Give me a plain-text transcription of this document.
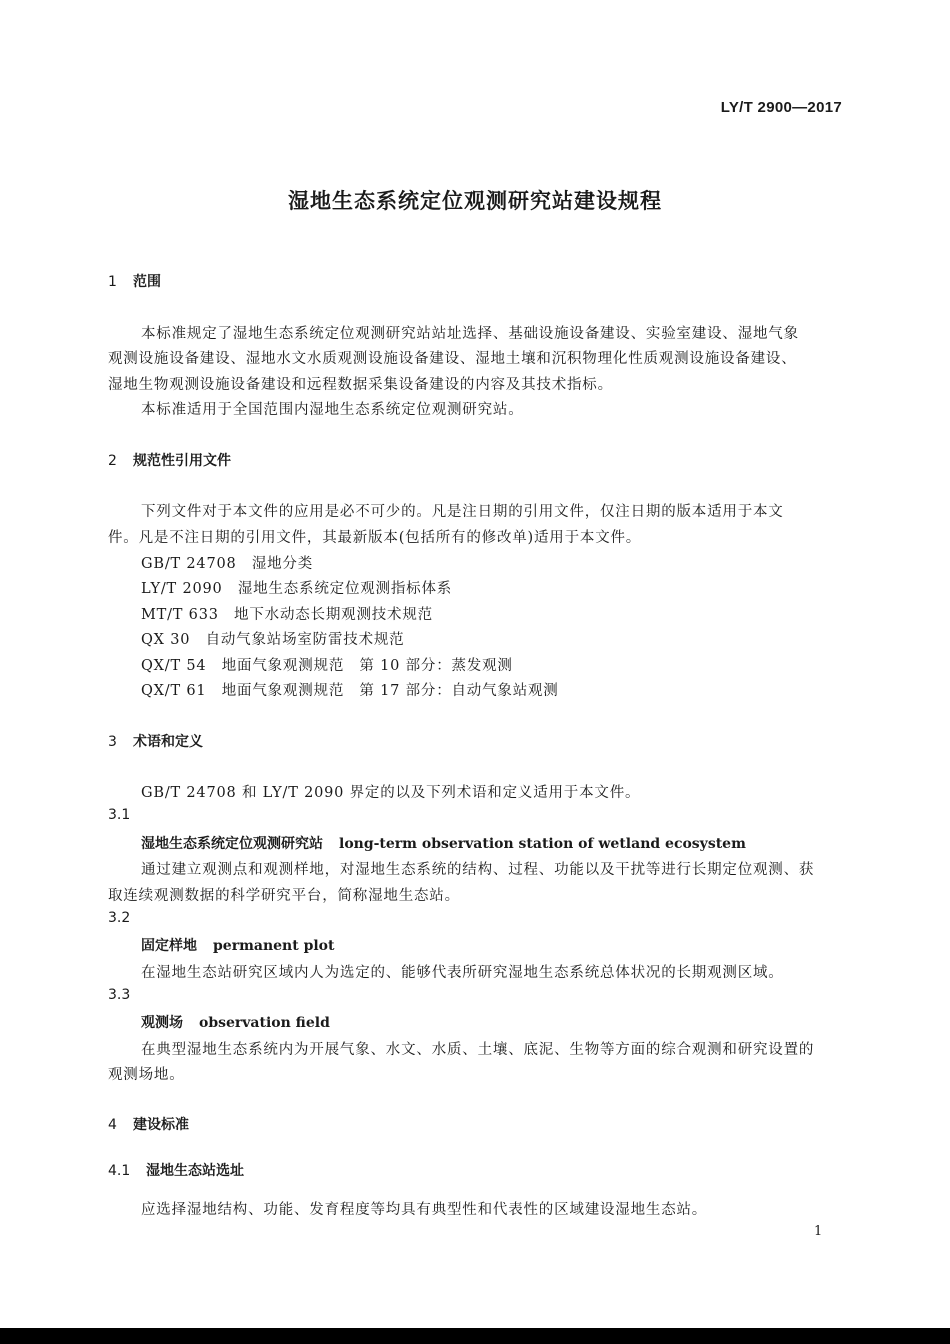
LY/T 2900—2017
湿地生态系统定位观测研究站建设规程
1 范围
本标准规定了湿地生态系统定位观测研究站站址选择、基础设施设备建设、实验室建设、湿地气象
观测设施设备建设、湿地水文水质观测设施设备建设、湿地土壤和沉积物理化性质观测设施设备建设、
湿地生物观测设施设备建设和远程数据采集设备建设的内容及其技术指标。
本标准适用于全国范围内湿地生态系统定位观测研究站。
2 规范性引用文件
下列文件对于本文件的应用是必不可少的。凡是注日期的引用文件，仅注日期的版本适用于本文
件。凡是不注日期的引用文件，其最新版本(包括所有的修改单)适用于本文件。
GB/T 24708　湿地分类
LY/T 2090　湿地生态系统定位观测指标体系
MT/T 633　地下水动态长期观测技术规范
QX 30　自动气象站场室防雷技术规范
QX/T 54　地面气象观测规范　第 10 部分：蒸发观测
QX/T 61　地面气象观测规范　第 17 部分：自动气象站观测
3 术语和定义
GB/T 24708 和 LY/T 2090 界定的以及下列术语和定义适用于本文件。
3.1
湿地生态系统定位观测研究站 long-term observation station of wetland ecosystem
通过建立观测点和观测样地，对湿地生态系统的结构、过程、功能以及干扰等进行长期定位观测、获
取连续观测数据的科学研究平台，简称湿地生态站。
3.2
固定样地 permanent plot
在湿地生态站研究区域内人为选定的、能够代表所研究湿地生态系统总体状况的长期观测区域。
3.3
观测场 observation field
在典型湿地生态系统内为开展气象、水文、水质、土壤、底泥、生物等方面的综合观测和研究设置的
观测场地。
4 建设标准
4.1 湿地生态站选址
应选择湿地结构、功能、发育程度等均具有典型性和代表性的区域建设湿地生态站。
1
